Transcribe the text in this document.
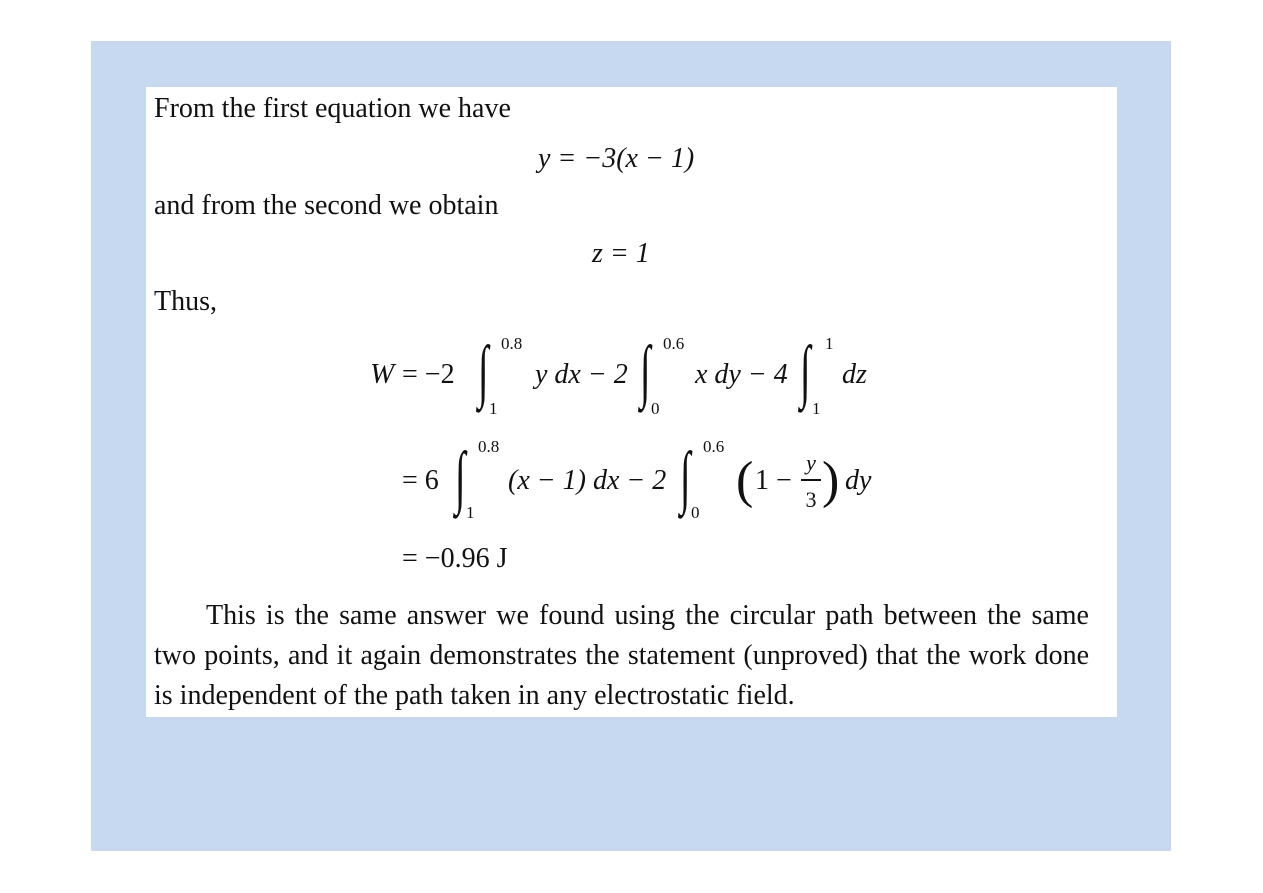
From the first equation we have
y = −3(x − 1)
and from the second we obtain
z = 1
Thus,
W = −2 ∫ 0.8
1
y dx − 2 ∫ 0.6
0
x dy − 4 ∫ 1
1
dz
= 6 ∫ 0.8
1
(x − 1) dx − 2 ∫ 0.6
0
( 1 −
y
3 ) dy
= −0.96 J

This is the same answer we found using the circular path between the same two points, and it again demonstrates the statement (unproved) that the work done is independent of the path taken in any electrostatic field.
